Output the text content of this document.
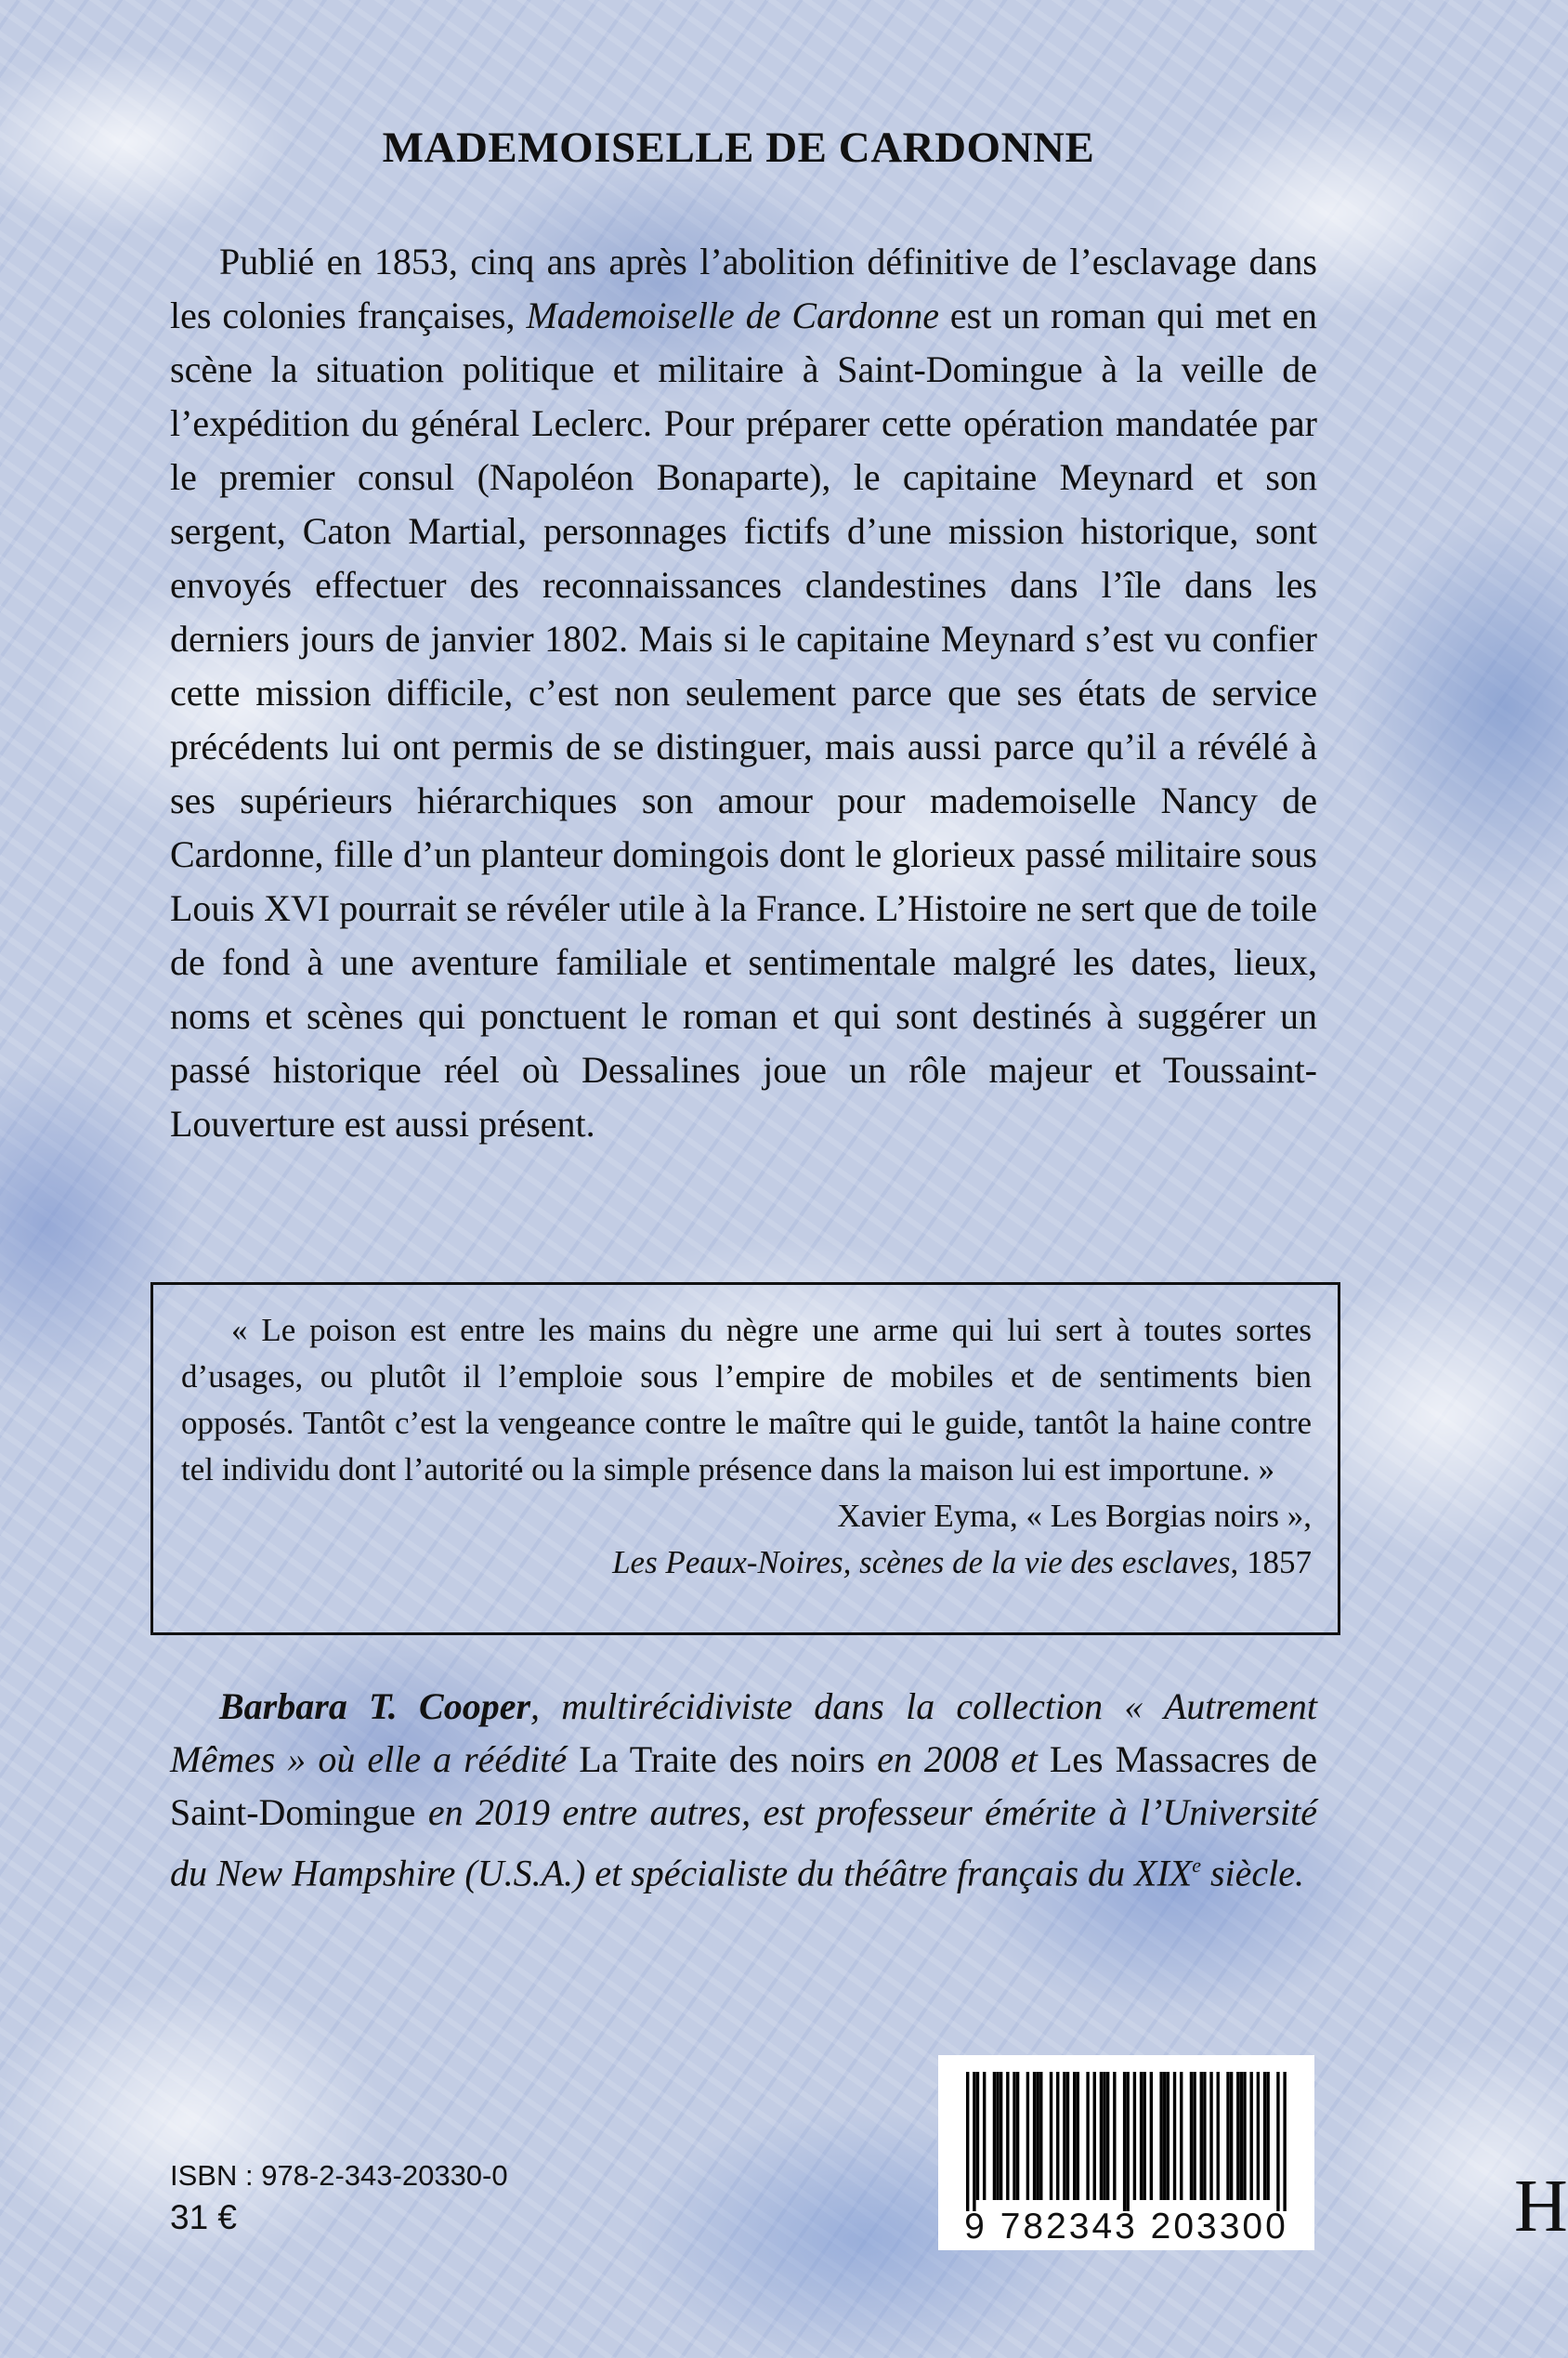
MADEMOISELLE DE CARDONNE

Publié en 1853, cinq ans après l’abolition définitive de l’esclavage dans les colonies françaises, Mademoiselle de Cardonne est un roman qui met en scène la situation politique et militaire à Saint-Domingue à la veille de l’expédition du général Leclerc. Pour préparer cette opération mandatée par le premier consul (Napoléon Bonaparte), le capitaine Meynard et son sergent, Caton Martial, personnages fictifs d’une mission historique, sont envoyés effectuer des reconnaissances clandestines dans l’île dans les derniers jours de janvier 1802. Mais si le capitaine Meynard s’est vu confier cette mission difficile, c’est non seulement parce que ses états de service précédents lui ont permis de se distinguer, mais aussi parce qu’il a révélé à ses supérieurs hiérarchiques son amour pour mademoiselle Nancy de Cardonne, fille d’un planteur domingois dont le glorieux passé militaire sous Louis XVI pourrait se révéler utile à la France. L’Histoire ne sert que de toile de fond à une aventure familiale et sentimentale malgré les dates, lieux, noms et scènes qui ponctuent le roman et qui sont destinés à suggérer un passé historique réel où Dessalines joue un rôle majeur et Toussaint-Louverture est aussi présent.

« Le poison est entre les mains du nègre une arme qui lui sert à toutes sortes d’usages, ou plutôt il l’emploie sous l’empire de mobiles et de sentiments bien opposés. Tantôt c’est la vengeance contre le maître qui le guide, tantôt la haine contre tel individu dont l’autorité ou la simple présence dans la maison lui est importune. »

Xavier Eyma, « Les Borgias noirs »,

Les Peaux-Noires, scènes de la vie des esclaves, 1857

Barbara T. Cooper, multirécidiviste dans la collection « Autrement Mêmes » où elle a réédité La Traite des noirs en 2008 et Les Massacres de Saint-Domingue en 2019 entre autres, est professeur émérite à l’Université du New Hampshire (U.S.A.) et spécialiste du théâtre français du XIXe siècle.

ISBN : 978-2-343-20330-0

31 €	9 782343 203300	H
